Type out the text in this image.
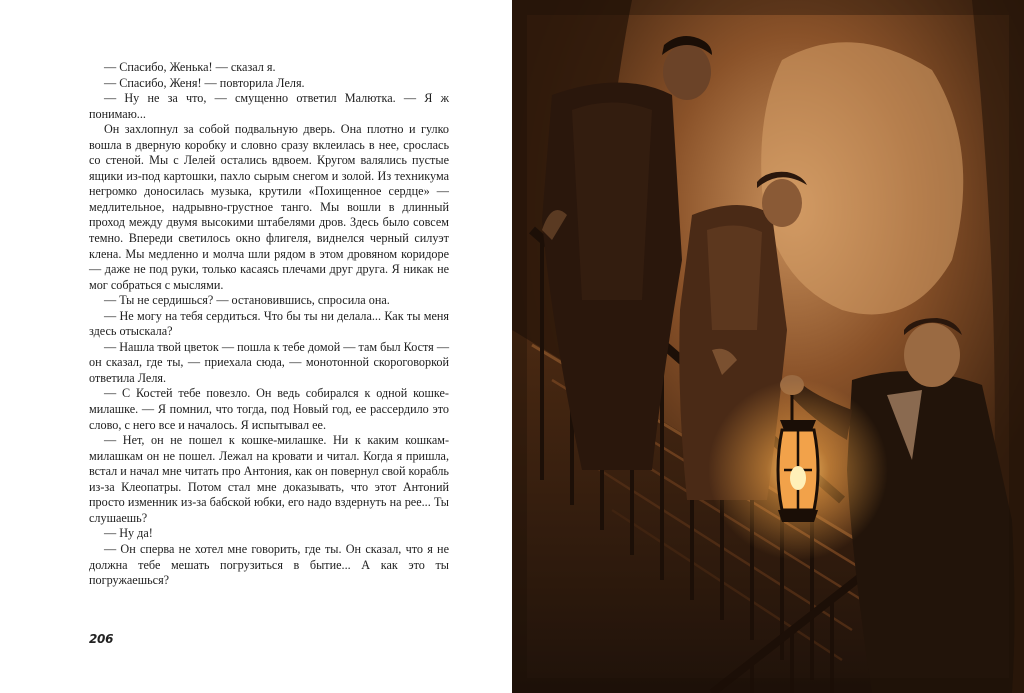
— Спасибо, Женька! — сказал я.

— Спасибо, Женя! — повторила Леля.

— Ну не за что, — смущенно ответил Малютка. — Я ж понимаю...

Он захлопнул за собой подвальную дверь. Она плотно и гулко вошла в дверную коробку и словно сразу вклеилась в нее, срослась со стеной. Мы с Лелей остались вдвоем. Кругом валялись пустые ящики из-под картошки, пахло сырым снегом и золой. Из техникума негромко доносилась музыка, крутили «Похищенное сердце» — медлительное, надрывно-грустное танго. Мы вошли в длинный проход между двумя высокими штабелями дров. Здесь было совсем темно. Впереди светилось окно флигеля, виднелся черный силуэт клена. Мы медленно и молча шли рядом в этом дровяном коридоре — даже не под руки, только касаясь плечами друг друга. Я никак не мог собраться с мыслями.

— Ты не сердишься? — остановившись, спросила она.

— Не могу на тебя сердиться. Что бы ты ни делала... Как ты меня здесь отыскала?

— Нашла твой цветок — пошла к тебе домой — там был Костя — он сказал, где ты, — приехала сюда, — монотонной скороговоркой ответила Леля.

— С Костей тебе повезло. Он ведь собирался к одной кошке-милашке. — Я помнил, что тогда, под Новый год, ее рассердило это слово, с него все и началось. Я испытывал ее.

— Нет, он не пошел к кошке-милашке. Ни к каким кошкам-милашкам он не пошел. Лежал на кровати и читал. Когда я пришла, встал и начал мне читать про Антония, как он повернул свой корабль из-за Клеопатры. Потом стал мне доказывать, что этот Антоний просто изменник из-за бабской юбки, его надо вздернуть на рее... Ты слушаешь?

— Ну да!

— Он сперва не хотел мне говорить, где ты. Он сказал, что я не должна тебе мешать погрузиться в бытие... А как это ты погружаешься?

206
